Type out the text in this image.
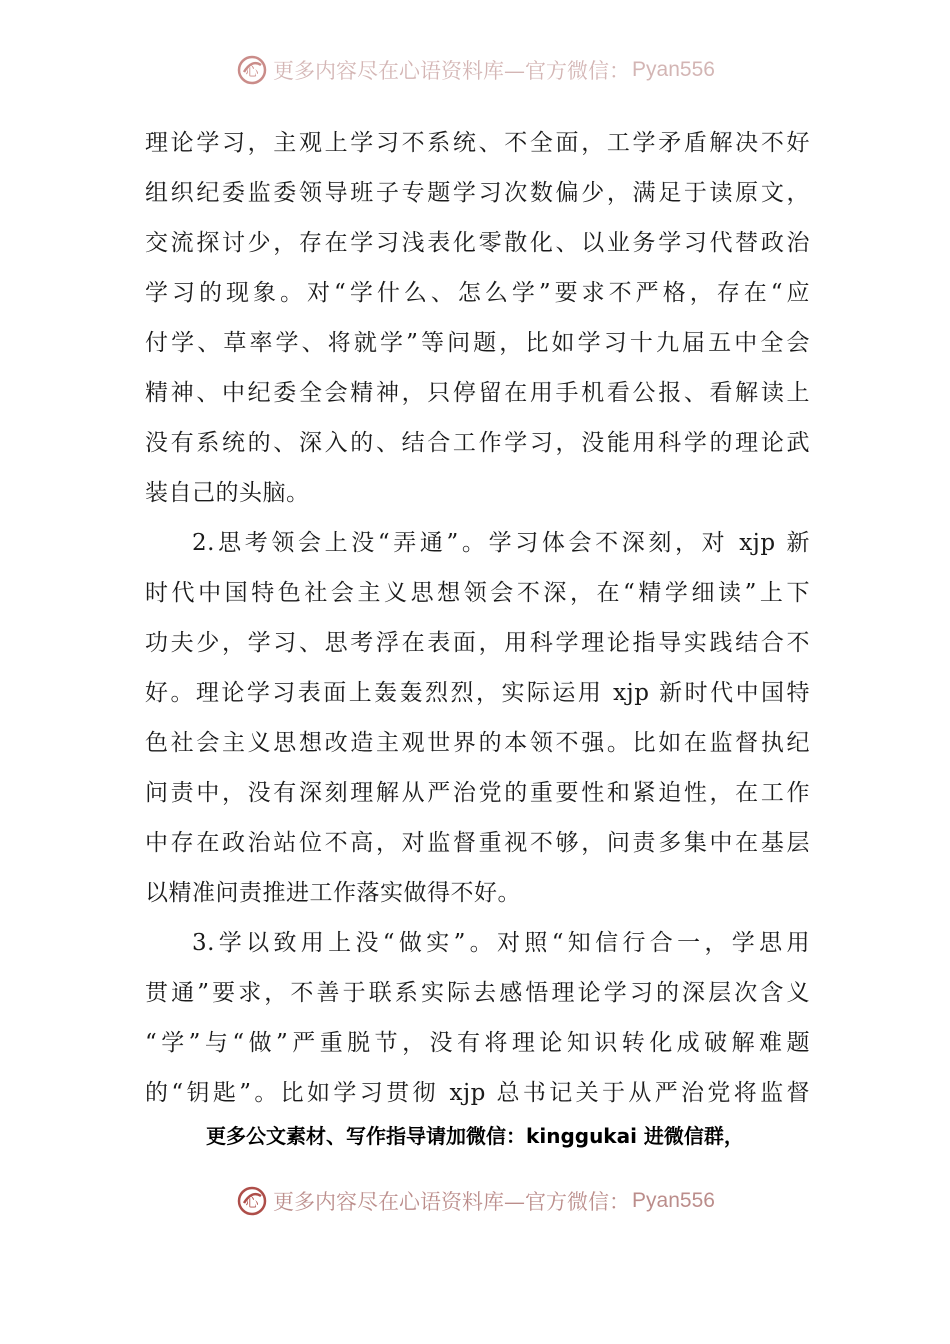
心 更多内容尽在心语资料库—官方微信： Pyan556
理论学习，主观上学习不系统、不全面，工学矛盾解决不好
组织纪委监委领导班子专题学习次数偏少，满足于读原文，
交流探讨少，存在学习浅表化零散化、以业务学习代替政治
学习的现象。对“学什么、怎么学”要求不严格，存在“应
付学、草率学、将就学”等问题，比如学习十九届五中全会
精神、中纪委全会精神，只停留在用手机看公报、看解读上
没有系统的、深入的、结合工作学习，没能用科学的理论武
装自己的头脑。
2.思考领会上没“弄通”。学习体会不深刻，对 xjp 新
时代中国特色社会主义思想领会不深，在“精学细读”上下
功夫少，学习、思考浮在表面，用科学理论指导实践结合不
好。理论学习表面上轰轰烈烈，实际运用 xjp 新时代中国特
色社会主义思想改造主观世界的本领不强。比如在监督执纪
问责中，没有深刻理解从严治党的重要性和紧迫性，在工作
中存在政治站位不高，对监督重视不够，问责多集中在基层
以精准问责推进工作落实做得不好。
3.学以致用上没“做实”。对照“知信行合一，学思用
贯通”要求，不善于联系实际去感悟理论学习的深层次含义
“学”与“做”严重脱节，没有将理论知识转化成破解难题
的“钥匙”。比如学习贯彻 xjp 总书记关于从严治党将监督
更多公文素材、写作指导请加微信：kinggukai 进微信群，
心 更多内容尽在心语资料库—官方微信： Pyan556
